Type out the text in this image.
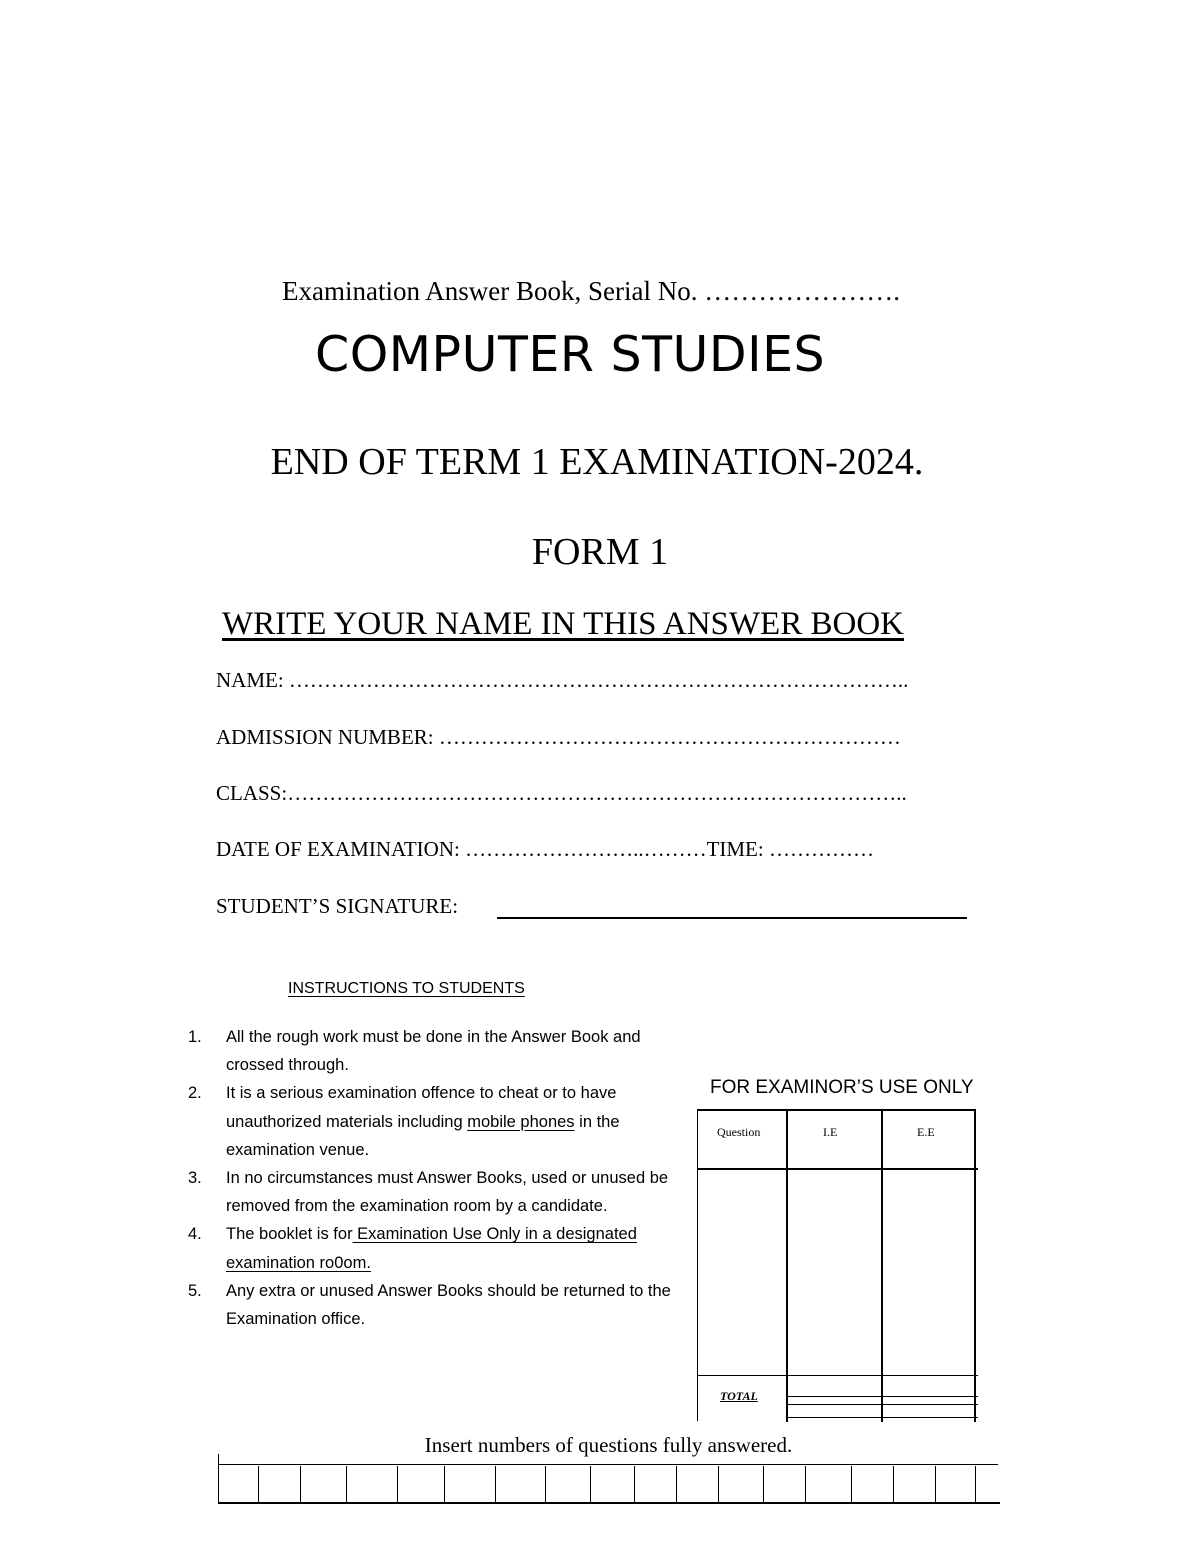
Examination Answer Book, Serial No. ………………….
COMPUTER STUDIES
END OF TERM 1 EXAMINATION-2024.
FORM 1
WRITE YOUR NAME IN THIS ANSWER BOOK
NAME: ……………………………………………………………………………..
ADMISSION NUMBER: …………………………………………………………
CLASS:……………………………………………………………………………..
DATE OF EXAMINATION: ……………………..………TIME: ……………
STUDENT’S SIGNATURE:
INSTRUCTIONS TO STUDENTS
1. All the rough work must be done in the Answer Book and crossed through.
2. It is a serious examination offence to cheat or to have unauthorized materials including mobile phones in the examination venue.
3. In no circumstances must Answer Books, used or unused be removed from the examination room by a candidate.
4. The booklet is for Examination Use Only in a designated examination ro0om.
5. Any extra or unused Answer Books should be returned to the Examination office.
FOR EXAMINOR’S USE ONLY
Question	I.E	E.E
TOTAL
Insert numbers of questions fully answered.
